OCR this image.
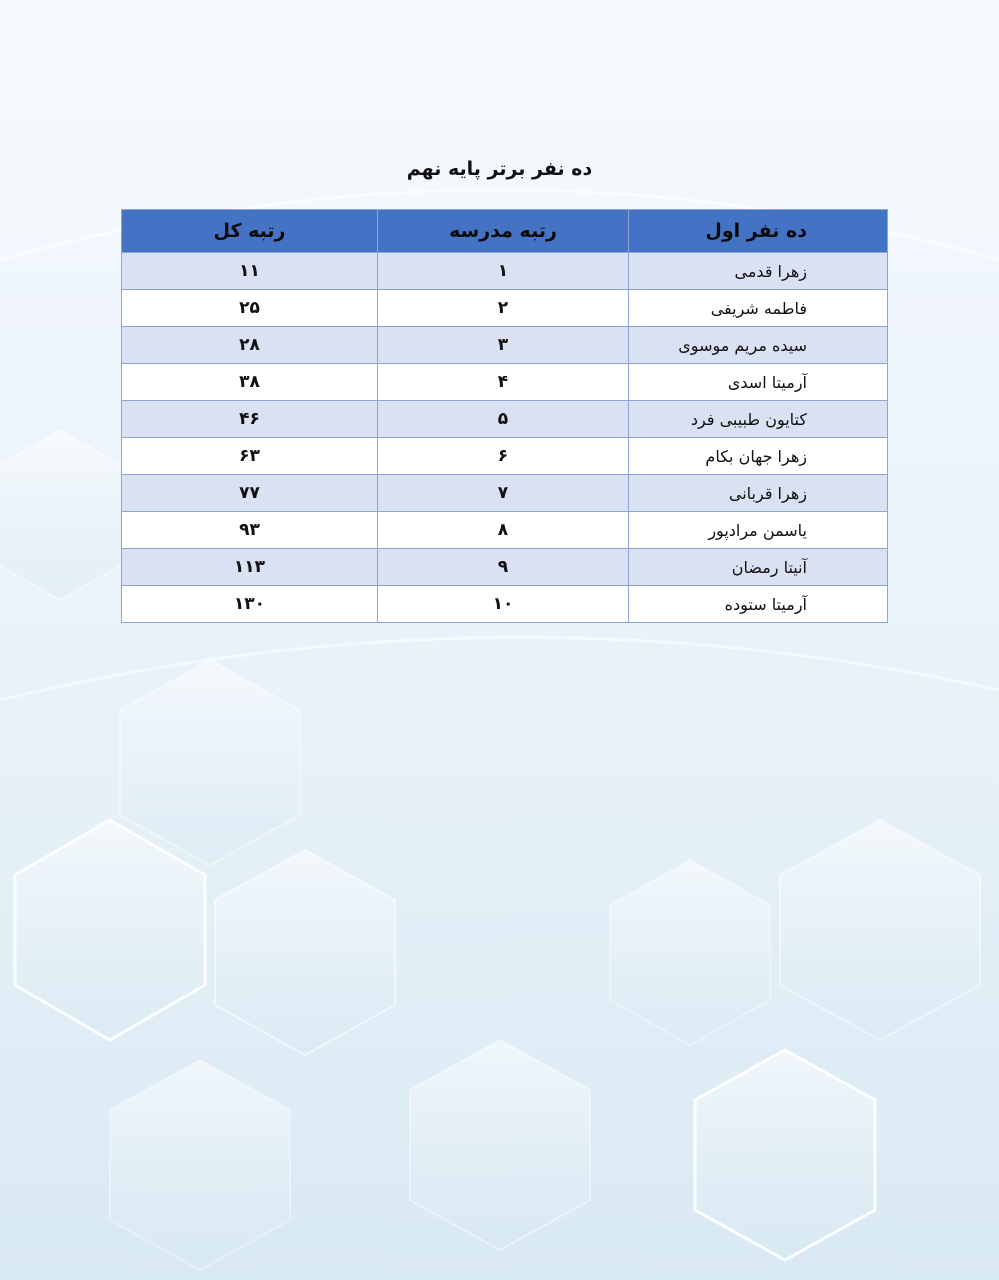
ده نفر برتر پایه نهم
ده نفر اول	رتبه مدرسه	رتبه کل
زهرا قدمی	۱	۱۱
فاطمه شریفی	۲	۲۵
سیده مریم موسوی	۳	۲۸
آرمیتا اسدی	۴	۳۸
کتایون طبیبی فرد	۵	۴۶
زهرا جهان بکام	۶	۶۳
زهرا قربانی	۷	۷۷
یاسمن مرادپور	۸	۹۳
آنیتا رمضان	۹	۱۱۳
آرمیتا ستوده	۱۰	۱۳۰
